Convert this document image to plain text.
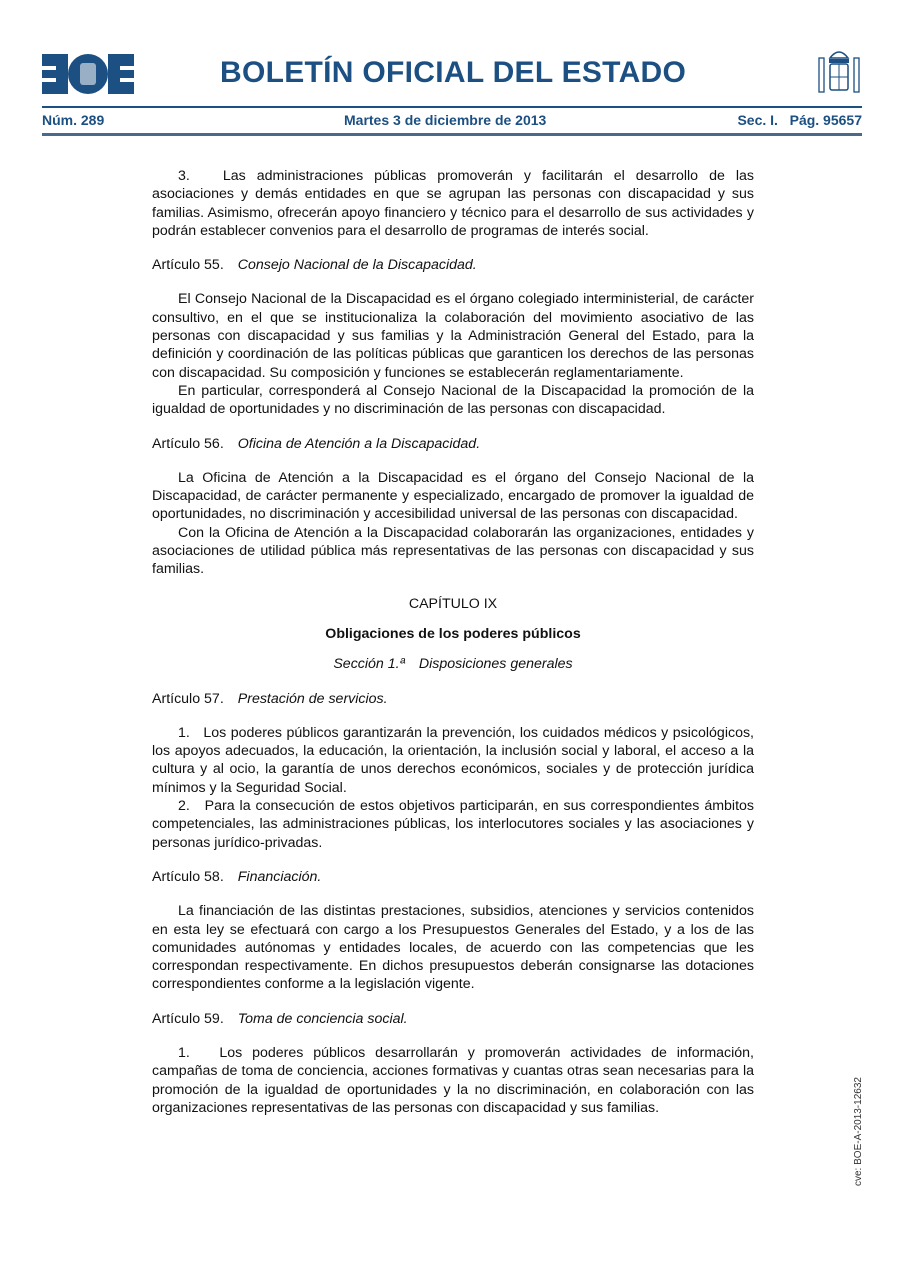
BOLETÍN OFICIAL DEL ESTADO
Núm. 289	Martes 3 de diciembre de 2013	Sec. I.   Pág. 95657

3.   Las administraciones públicas promoverán y facilitarán el desarrollo de las asociaciones y demás entidades en que se agrupan las personas con discapacidad y sus familias. Asimismo, ofrecerán apoyo financiero y técnico para el desarrollo de sus actividades y podrán establecer convenios para el desarrollo de programas de interés social.

Artículo 55. Consejo Nacional de la Discapacidad.

El Consejo Nacional de la Discapacidad es el órgano colegiado interministerial, de carácter consultivo, en el que se institucionaliza la colaboración del movimiento asociativo de las personas con discapacidad y sus familias y la Administración General del Estado, para la definición y coordinación de las políticas públicas que garanticen los derechos de las personas con discapacidad. Su composición y funciones se establecerán reglamentariamente.

En particular, corresponderá al Consejo Nacional de la Discapacidad la promoción de la igualdad de oportunidades y no discriminación de las personas con discapacidad.

Artículo 56. Oficina de Atención a la Discapacidad.

La Oficina de Atención a la Discapacidad es el órgano del Consejo Nacional de la Discapacidad, de carácter permanente y especializado, encargado de promover la igualdad de oportunidades, no discriminación y accesibilidad universal de las personas con discapacidad.

Con la Oficina de Atención a la Discapacidad colaborarán las organizaciones, entidades y asociaciones de utilidad pública más representativas de las personas con discapacidad y sus familias.

CAPÍTULO IX
Obligaciones de los poderes públicos
Sección 1.ª Disposiciones generales
Artículo 57. Prestación de servicios.

1.   Los poderes públicos garantizarán la prevención, los cuidados médicos y psicológicos, los apoyos adecuados, la educación, la orientación, la inclusión social y laboral, el acceso a la cultura y al ocio, la garantía de unos derechos económicos, sociales y de protección jurídica mínimos y la Seguridad Social.

2.   Para la consecución de estos objetivos participarán, en sus correspondientes ámbitos competenciales, las administraciones públicas, los interlocutores sociales y las asociaciones y personas jurídico-privadas.

Artículo 58. Financiación.

La financiación de las distintas prestaciones, subsidios, atenciones y servicios contenidos en esta ley se efectuará con cargo a los Presupuestos Generales del Estado, y a los de las comunidades autónomas y entidades locales, de acuerdo con las competencias que les correspondan respectivamente. En dichos presupuestos deberán consignarse las dotaciones correspondientes conforme a la legislación vigente.

Artículo 59. Toma de conciencia social.

1.   Los poderes públicos desarrollarán y promoverán actividades de información, campañas de toma de conciencia, acciones formativas y cuantas otras sean necesarias para la promoción de la igualdad de oportunidades y la no discriminación, en colaboración con las organizaciones representativas de las personas con discapacidad y sus familias.	cve: BOE-A-2013-12632
